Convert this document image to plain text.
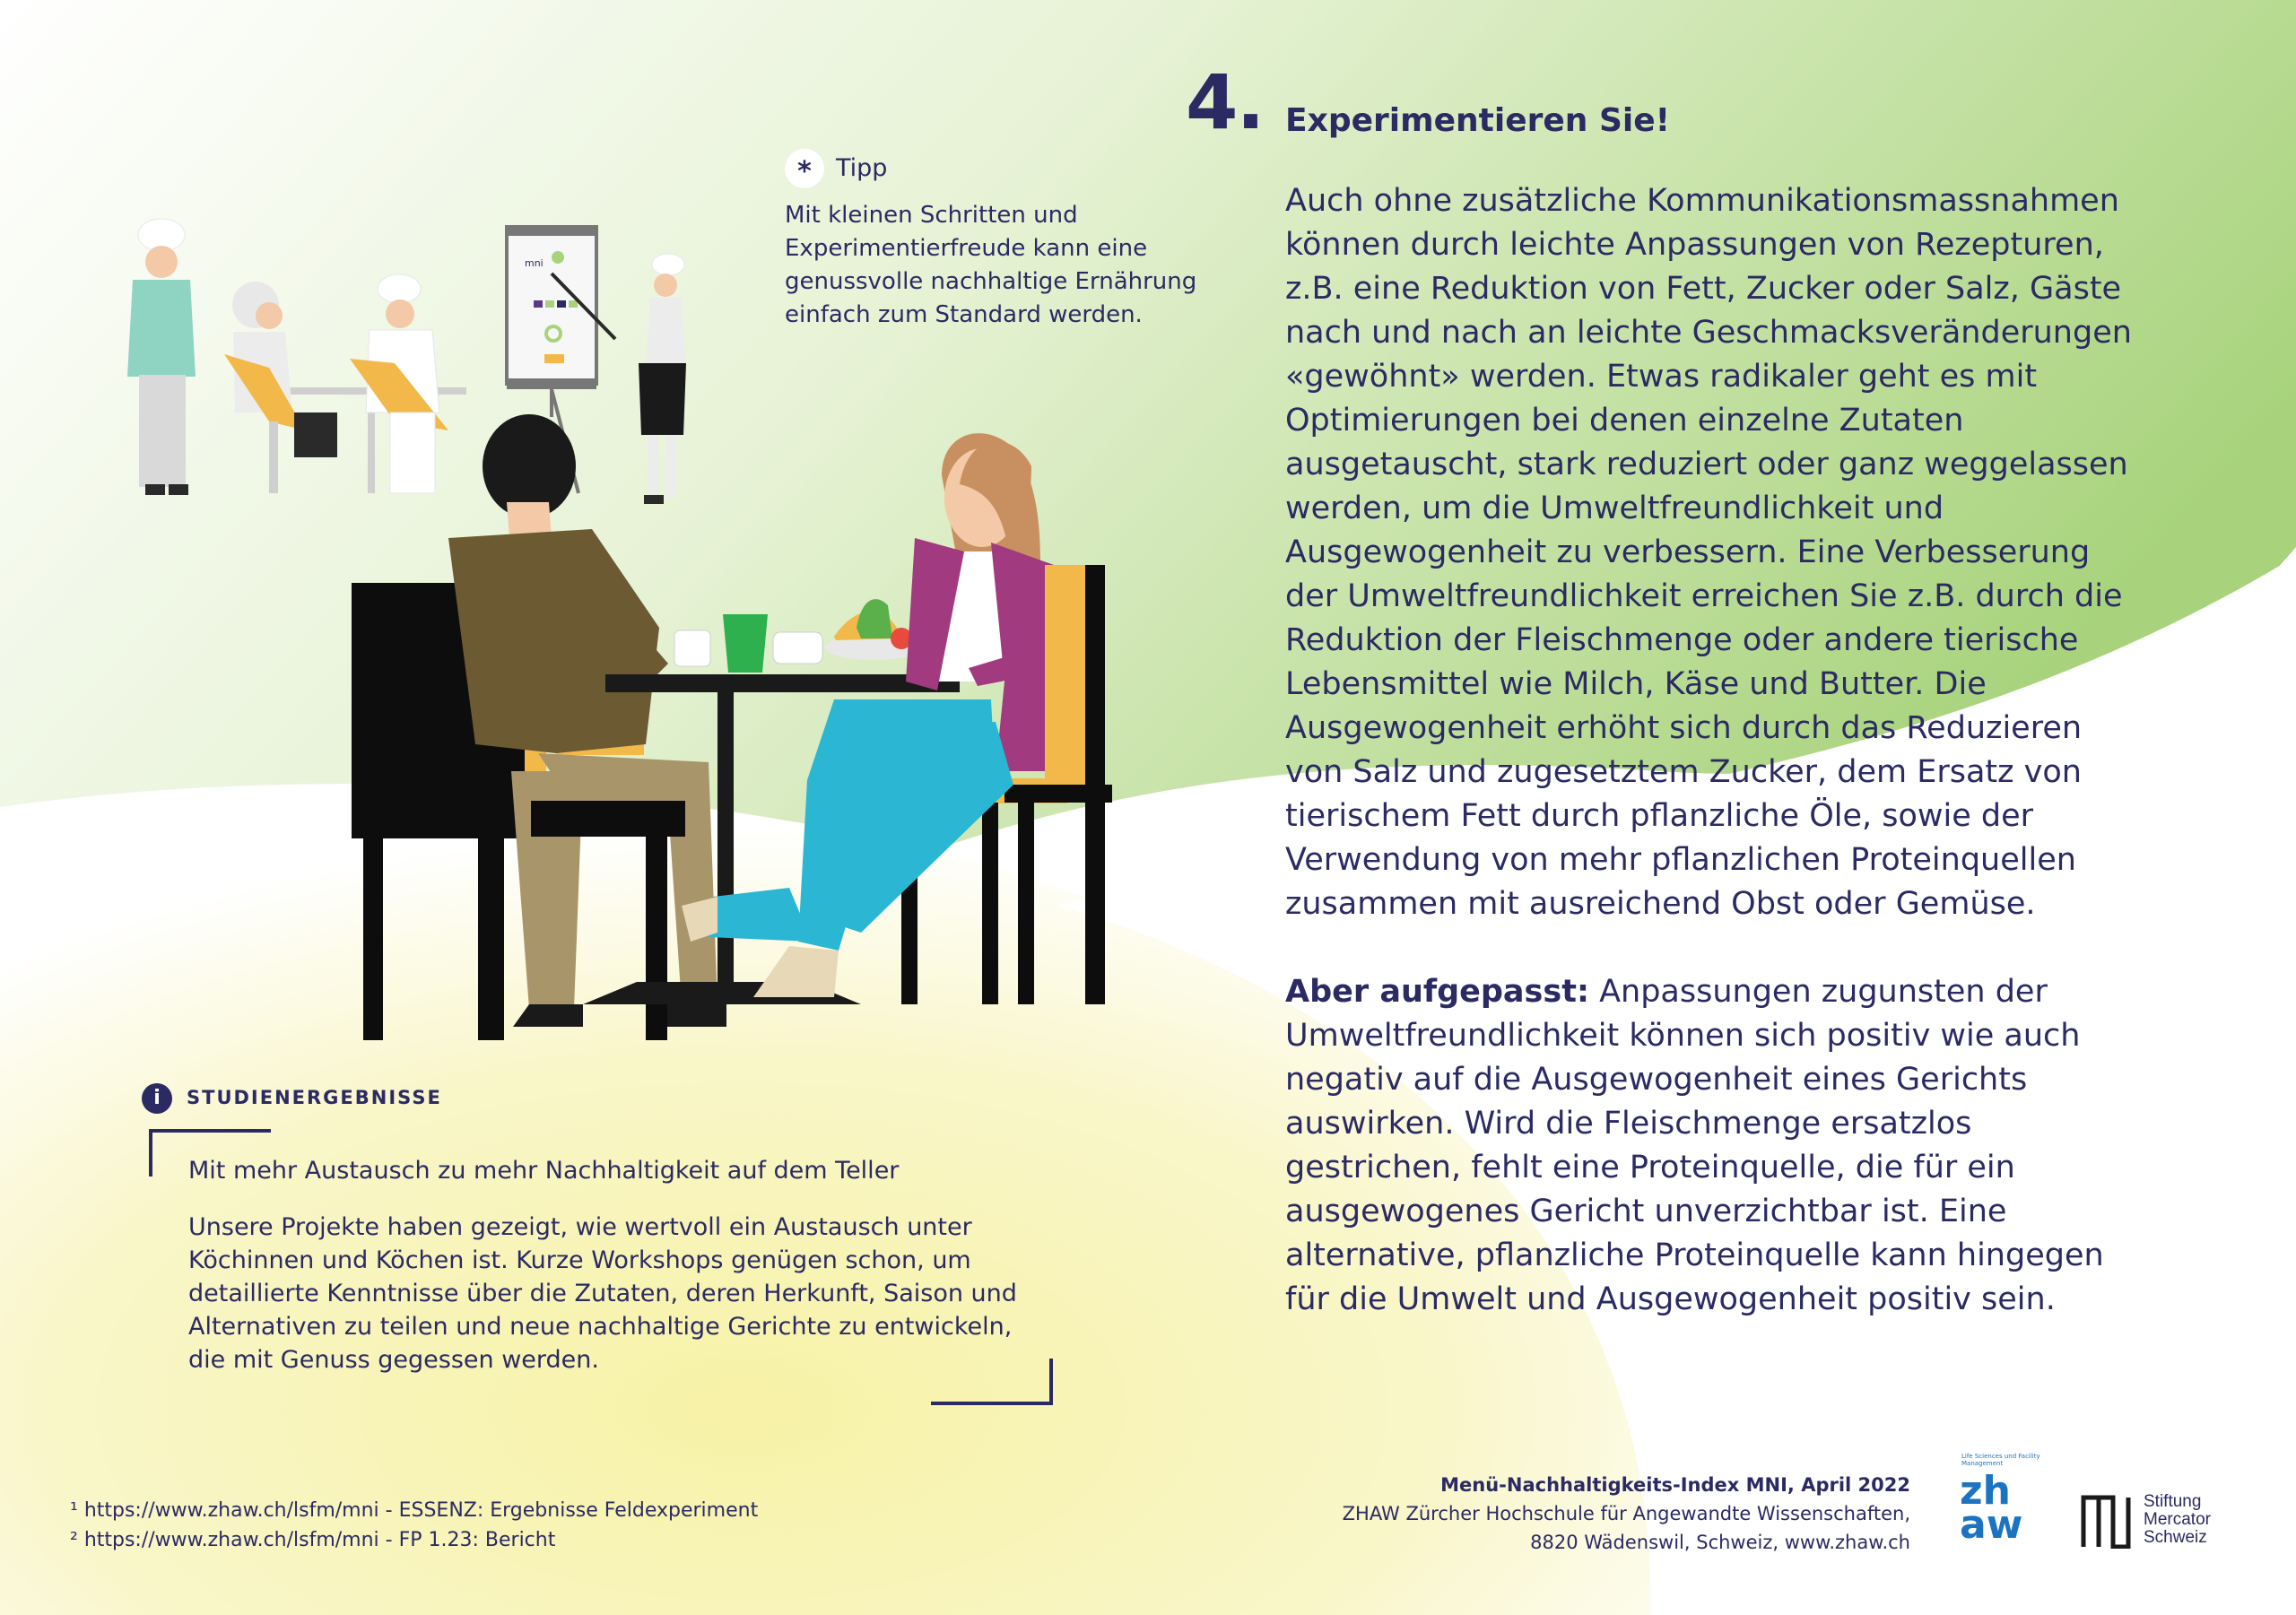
mni
4. Experimentieren Sie!

Auch ohne zusätzliche Kommunikationsmassnahmen können durch leichte Anpassungen von Rezepturen, z.B. eine Reduktion von Fett, Zucker oder Salz, Gäste nach und nach an leichte Geschmacksveränderungen «gewöhnt» werden. Etwas radikaler geht es mit Optimierungen bei denen einzelne Zutaten ausgetauscht, stark reduziert oder ganz weggelassen werden, um die Umweltfreundlichkeit und Ausgewogenheit zu verbessern. Eine Verbesserung der Umweltfreundlichkeit erreichen Sie z.B. durch die Reduktion der Fleischmenge oder andere tierische Lebensmittel wie Milch, Käse und Butter. Die Ausgewogenheit erhöht sich durch das Reduzieren von Salz und zugesetztem Zucker, dem Ersatz von tierischem Fett durch pflanzliche Öle, sowie der Verwendung von mehr pflanzlichen Proteinquellen zusammen mit ausreichend Obst oder Gemüse.

Aber aufgepasst: Anpassungen zugunsten der Umweltfreundlichkeit können sich positiv wie auch negativ auf die Ausgewogenheit eines Gerichts auswirken. Wird die Fleischmenge ersatzlos gestrichen, fehlt eine Proteinquelle, die für ein ausgewogenes Gericht unverzichtbar ist. Eine alternative, pflanzliche Proteinquelle kann hingegen für die Umwelt und Ausgewogenheit positiv sein.

*	Tipp
Mit kleinen Schritten und Experimentierfreude kann eine genussvolle nachhaltige Ernährung einfach zum Standard werden.
i	STUDIENERGEBNISSE
Mit mehr Austausch zu mehr Nachhaltigkeit auf dem Teller
Unsere Projekte haben gezeigt, wie wertvoll ein Austausch unter Köchinnen und Köchen ist. Kurze Workshops genügen schon, um detaillierte Kenntnisse über die Zutaten, deren Herkunft, Saison und Alternativen zu teilen und neue nachhaltige Gerichte zu entwickeln, die mit Genuss gegessen werden.
¹ https://www.zhaw.ch/lsfm/mni - ESSENZ: Ergebnisse Feldexperiment
² https://www.zhaw.ch/lsfm/mni - FP 1.23: Bericht
Menü-Nachhaltigkeits-Index MNI, April 2022
ZHAW Zürcher Hochschule für Angewandte Wissenschaften,
8820 Wädenswil, Schweiz, www.zhaw.ch
Life Sciences und Facility Management
zh
aw
Stiftung
Mercator
Schweiz
